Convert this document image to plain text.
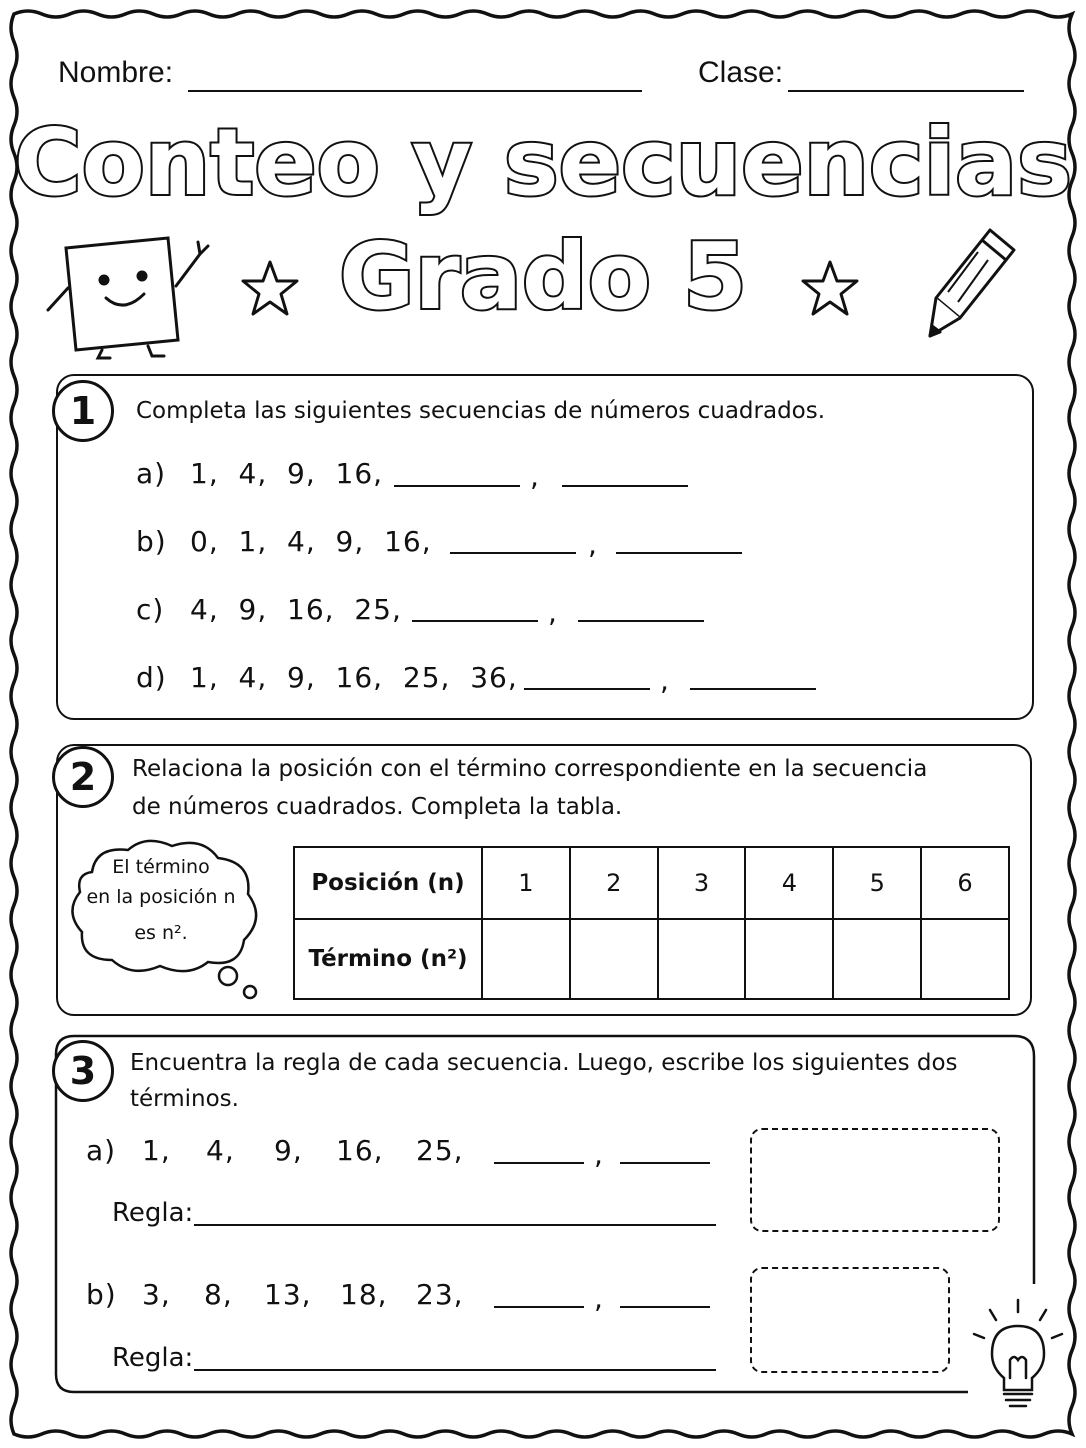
Nombre:	Clase:
Conteo y secuencias
Grado 5
1	Completa las siguientes secuencias de números cuadrados.
a) 1,  4,  9,  16,	,
b) 0,  1,  4,  9,  16,	,
c) 4,  9,  16,  25,	,
d) 1,  4,  9,  16,  25,  36,	,
2	Relaciona la posición con el término correspondiente en la secuencia
de números cuadrados. Completa la tabla.
El término
en la posición n
es n².
Posición (n)	1	2	3	4	5	6
Término (n²)						
3	Encuentra la regla de cada secuencia. Luego, escribe los siguientes dos
términos.
a) 1, 4, 9, 16, 25,	,
Regla:
b) 3, 8, 13, 18, 23,	,
Regla:
